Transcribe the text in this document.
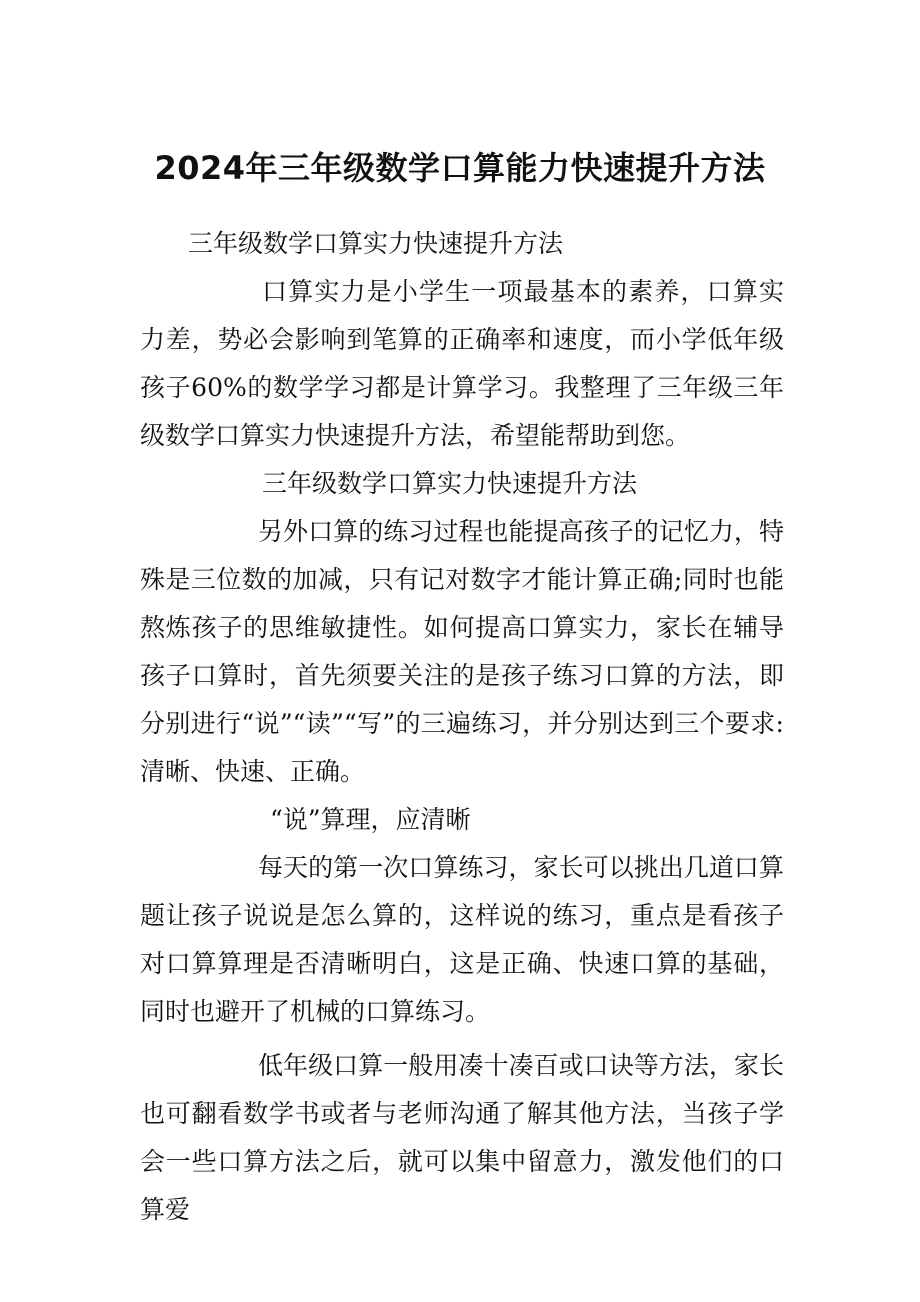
2024年三年级数学口算能力快速提升方法

三年级数学口算实力快速提升方法

口算实力是小学生一项最基本的素养，口算实力差，势必会影响到笔算的正确率和速度，而小学低年级孩子60%的数学学习都是计算学习。我整理了三年级三年级数学口算实力快速提升方法，希望能帮助到您。

三年级数学口算实力快速提升方法

另外口算的练习过程也能提高孩子的记忆力，特殊是三位数的加减，只有记对数字才能计算正确;同时也能熬炼孩子的思维敏捷性。如何提高口算实力，家长在辅导孩子口算时，首先须要关注的是孩子练习口算的方法，即分别进行“说”“读”“写”的三遍练习，并分别达到三个要求:清晰、快速、正确。

“说”算理，应清晰

每天的第一次口算练习，家长可以挑出几道口算题让孩子说说是怎么算的，这样说的练习，重点是看孩子对口算算理是否清晰明白，这是正确、快速口算的基础，同时也避开了机械的口算练习。

低年级口算一般用凑十凑百或口诀等方法，家长也可翻看数学书或者与老师沟通了解其他方法，当孩子学会一些口算方法之后，就可以集中留意力，激发他们的口算爱
